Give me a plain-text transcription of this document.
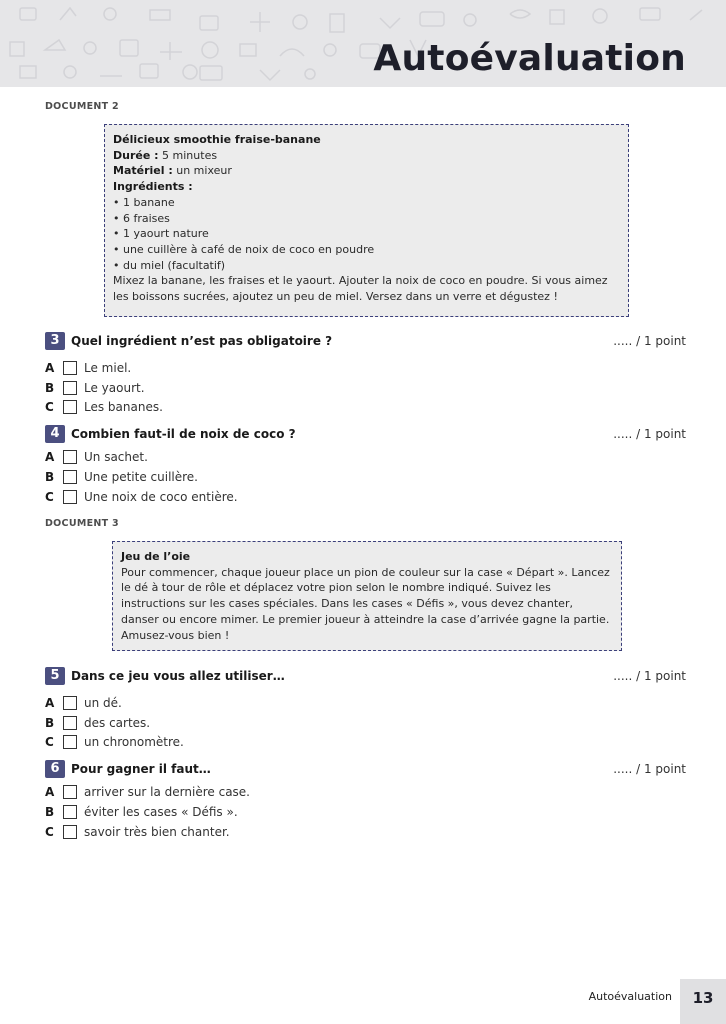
Autoévaluation
DOCUMENT 2
Délicieux smoothie fraise-banane
Durée : 5 minutes
Matériel : un mixeur
Ingrédients :
• 1 banane
• 6 fraises
• 1 yaourt nature
• une cuillère à café de noix de coco en poudre
• du miel (facultatif)
Mixez la banane, les fraises et le yaourt. Ajouter la noix de coco en poudre. Si vous aimez les boissons sucrées, ajoutez un peu de miel. Versez dans un verre et dégustez !
3 Quel ingrédient n’est pas obligatoire ?	..... / 1 point
A	Le miel.
B	Le yaourt.
C	Les bananes.
4 Combien faut-il de noix de coco ?	..... / 1 point
A	Un sachet.
B	Une petite cuillère.
C	Une noix de coco entière.
DOCUMENT 3
Jeu de l’oie
Pour commencer, chaque joueur place un pion de couleur sur la case « Départ ». Lancez le dé à tour de rôle et déplacez votre pion selon le nombre indiqué. Suivez les instructions sur les cases spéciales. Dans les cases « Défis », vous devez chanter, danser ou encore mimer. Le premier joueur à atteindre la case d’arrivée gagne la partie. Amusez-vous bien !
5 Dans ce jeu vous allez utiliser…	..... / 1 point
A	un dé.
B	des cartes.
C	un chronomètre.
6 Pour gagner il faut…	..... / 1 point
A	arriver sur la dernière case.
B	éviter les cases « Défis ».
C	savoir très bien chanter.
Autoévaluation	13
